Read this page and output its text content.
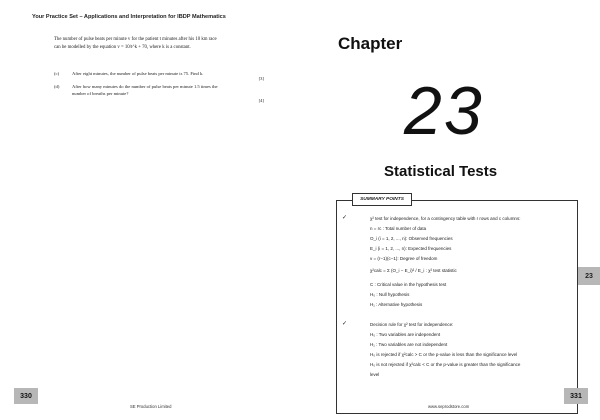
Your Practice Set – Applications and Interpretation for IBDP Mathematics
The number of pulse beats per minute v for the patient t minutes after his 10 km race
can be modelled by the equation v = 10/t^k + 70, where k is a constant.
(c)	After eight minutes, the number of pulse beats per minute is 75. Find k.
[3]
(d)	After how many minutes do the number of pulse beats per minute 1.5 times the
number of breaths per minute?
[4]
330
SE Production Limited
Chapter
23
Statistical Tests
SUMMARY POINTS
✓	χ² test for independence, for a contingency table with r rows and c columns:
n = rc : Total number of data
O_i (i = 1, 2, ..., n): Observed frequencies
E_i (i = 1, 2, ..., n): Expected frequencies
v = (r−1)(c−1): Degree of freedom
χ²calc = Σ (O_i − E_i)² / E_i : χ² test statistic
C : Critical value in the hypothesis test
H₀ : Null hypothesis
H₁ : Alternative hypothesis
✓	Decision rule for χ² test for independence:
H₀ : Two variables are independent
H₁ : Two variables are not independent
H₀ is rejected if χ²calc > C or the p-value is less than the significance level
H₀ is not rejected if χ²calc < C or the p-value is greater than the significance
level
331
www.seprodstore.com
23
